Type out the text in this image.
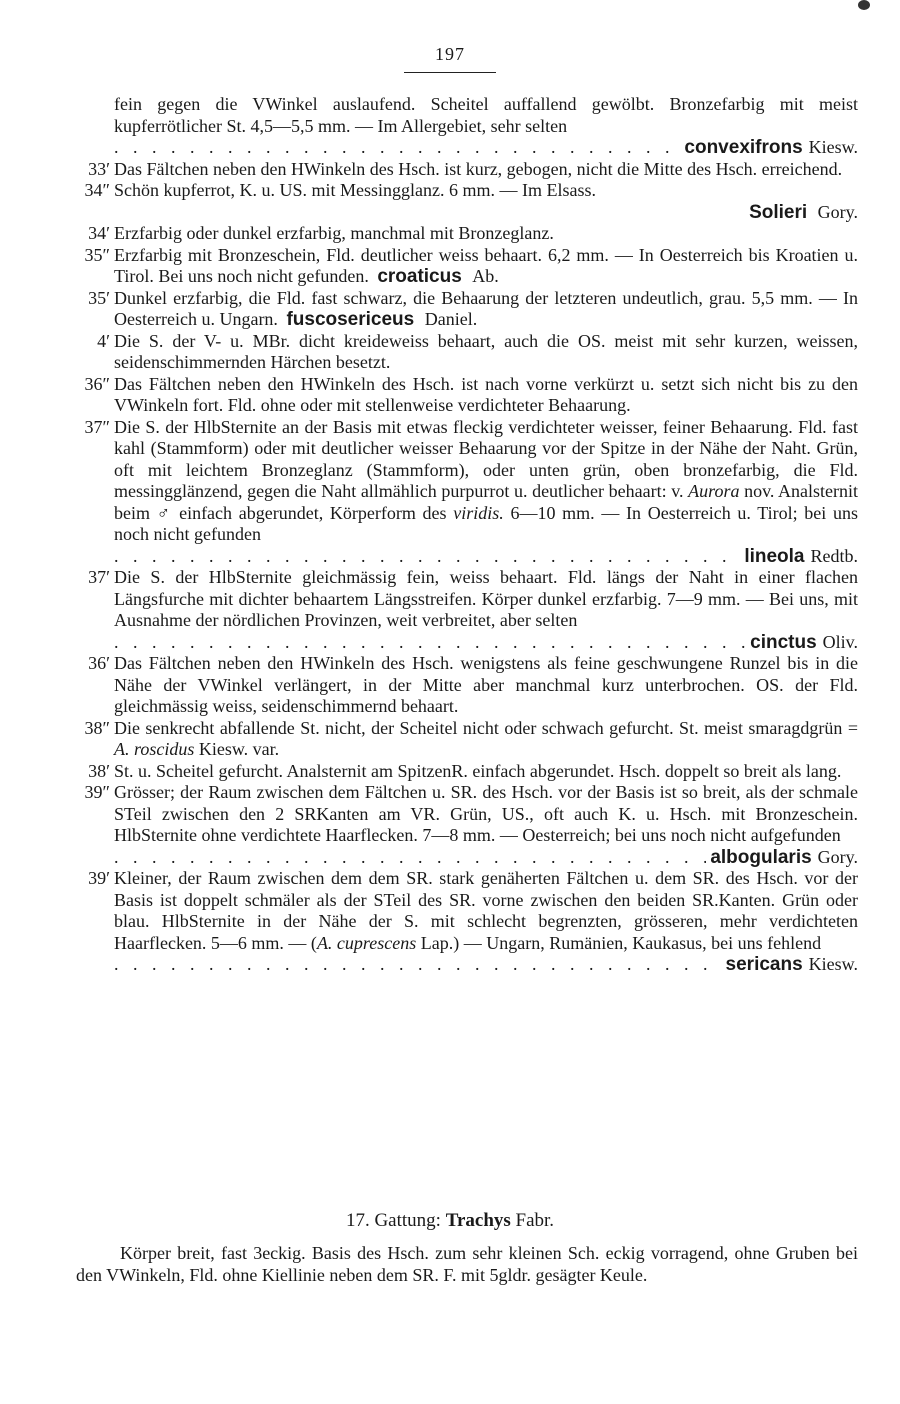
197
fein gegen die VWinkel auslaufend. Scheitel auffallend gewölbt. Bronzefarbig mit meist kupferrötlicher St. 4,5—5,5 mm. — Im Allergebiet, sehr selten
. . .
convexifrons Kiesw.
33′ Das Fältchen neben den HWinkeln des Hsch. ist kurz, gebogen, nicht die Mitte des Hsch. erreichend.
34″ Schön kupferrot, K. u. US. mit Messingglanz. 6 mm. — Im Elsass.
Solieri Gory.
34′ Erzfarbig oder dunkel erzfarbig, manchmal mit Bronzeglanz.
35″ Erzfarbig mit Bronzeschein, Fld. deutlicher weiss behaart. 6,2 mm. — In Oesterreich bis Kroatien u. Tirol. Bei uns noch nicht gefunden. croaticus Ab.
35′ Dunkel erzfarbig, die Fld. fast schwarz, die Behaarung der letzteren undeutlich, grau. 5,5 mm. — In Oesterreich u. Ungarn. fuscosericeus Daniel.
4′ Die S. der V- u. MBr. dicht kreideweiss behaart, auch die OS. meist mit sehr kurzen, weissen, seidenschimmernden Härchen besetzt.
36″ Das Fältchen neben den HWinkeln des Hsch. ist nach vorne verkürzt u. setzt sich nicht bis zu den VWinkeln fort. Fld. ohne oder mit stellenweise verdichteter Behaarung.
37″ Die S. der HlbSternite an der Basis mit etwas fleckig verdichteter weisser, feiner Behaarung. Fld. fast kahl (Stammform) oder mit deutlicher weisser Behaarung vor der Spitze in der Nähe der Naht. Grün, oft mit leichtem Bronzeglanz (Stammform), oder unten grün, oben bronzefarbig, die Fld. messingglänzend, gegen die Naht allmählich purpurrot u. deutlicher behaart: v. Aurora nov. Analsternit beim ♂ einfach abgerundet, Körperform des viridis. 6—10 mm. — In Oesterreich u. Tirol; bei uns noch nicht gefunden
. . .
lineola Redtb.
37′ Die S. der HlbSternite gleichmässig fein, weiss behaart. Fld. längs der Naht in einer flachen Längsfurche mit dichter behaartem Längsstreifen. Körper dunkel erzfarbig. 7—9 mm. — Bei uns, mit Ausnahme der nördlichen Provinzen, weit verbreitet, aber selten
. . .
cinctus Oliv.
36′ Das Fältchen neben den HWinkeln des Hsch. wenigstens als feine geschwungene Runzel bis in die Nähe der VWinkel verlängert, in der Mitte aber manchmal kurz unterbrochen. OS. der Fld. gleichmässig weiss, seidenschimmernd behaart.
38″ Die senkrecht abfallende St. nicht, der Scheitel nicht oder schwach gefurcht. St. meist smaragdgrün = A. roscidus Kiesw. var.
38′ St. u. Scheitel gefurcht. Analsternit am SpitzenR. einfach abgerundet. Hsch. doppelt so breit als lang.
39″ Grösser; der Raum zwischen dem Fältchen u. SR. des Hsch. vor der Basis ist so breit, als der schmale STeil zwischen den 2 SRKanten am VR. Grün, US., oft auch K. u. Hsch. mit Bronzeschein. HlbSternite ohne verdichtete Haarflecken. 7—8 mm. — Oesterreich; bei uns noch nicht aufgefunden
. . .
albogularis Gory.
39′ Kleiner, der Raum zwischen dem dem SR. stark genäherten Fältchen u. dem SR. des Hsch. vor der Basis ist doppelt schmäler als der STeil des SR. vorne zwischen den beiden SR.Kanten. Grün oder blau. HlbSternite in der Nähe der S. mit schlecht begrenzten, grösseren, mehr verdichteten Haarflecken. 5—6 mm. — (A. cuprescens Lap.) — Ungarn, Rumänien, Kaukasus, bei uns fehlend
. . .
sericans Kiesw.
17. Gattung: Trachys Fabr.
Körper breit, fast 3eckig. Basis des Hsch. zum sehr kleinen Sch. eckig vorragend, ohne Gruben bei den VWinkeln, Fld. ohne Kiellinie neben dem SR. F. mit 5gldr. gesägter Keule.
